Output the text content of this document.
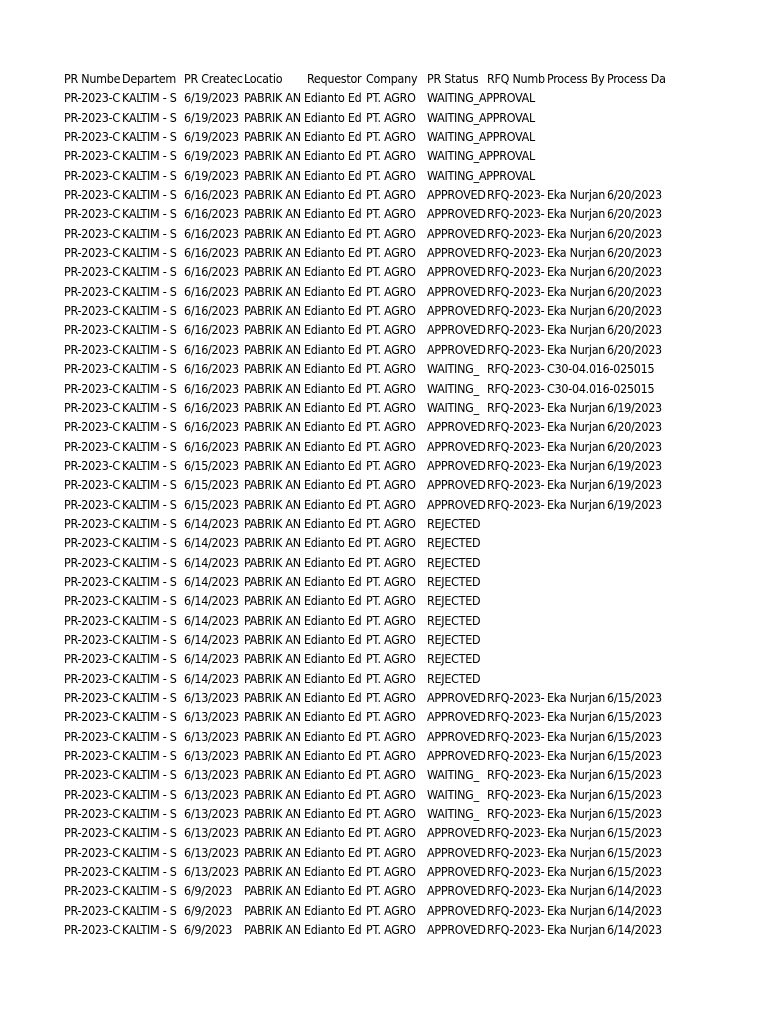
PR Numbe Departem PR Createc Locatio	Requestor Company PR Status RFQ Numb Process By Process Da
PR-2023-C KALTIM - S 6/19/2023 PABRIK AN Edianto Ed PT. AGRO WAITING_APPROVAL
PR-2023-C KALTIM - S 6/19/2023 PABRIK AN Edianto Ed PT. AGRO WAITING_APPROVAL
PR-2023-C KALTIM - S 6/19/2023 PABRIK AN Edianto Ed PT. AGRO WAITING_APPROVAL
PR-2023-C KALTIM - S 6/19/2023 PABRIK AN Edianto Ed PT. AGRO WAITING_APPROVAL
PR-2023-C KALTIM - S 6/19/2023 PABRIK AN Edianto Ed PT. AGRO WAITING_APPROVAL
PR-2023-C KALTIM - S 6/16/2023 PABRIK AN Edianto Ed PT. AGRO APPROVED RFQ-2023- Eka Nurjan 6/20/2023
PR-2023-C KALTIM - S 6/16/2023 PABRIK AN Edianto Ed PT. AGRO APPROVED RFQ-2023- Eka Nurjan 6/20/2023
PR-2023-C KALTIM - S 6/16/2023 PABRIK AN Edianto Ed PT. AGRO APPROVED RFQ-2023- Eka Nurjan 6/20/2023
PR-2023-C KALTIM - S 6/16/2023 PABRIK AN Edianto Ed PT. AGRO APPROVED RFQ-2023- Eka Nurjan 6/20/2023
PR-2023-C KALTIM - S 6/16/2023 PABRIK AN Edianto Ed PT. AGRO APPROVED RFQ-2023- Eka Nurjan 6/20/2023
PR-2023-C KALTIM - S 6/16/2023 PABRIK AN Edianto Ed PT. AGRO APPROVED RFQ-2023- Eka Nurjan 6/20/2023
PR-2023-C KALTIM - S 6/16/2023 PABRIK AN Edianto Ed PT. AGRO APPROVED RFQ-2023- Eka Nurjan 6/20/2023
PR-2023-C KALTIM - S 6/16/2023 PABRIK AN Edianto Ed PT. AGRO APPROVED RFQ-2023- Eka Nurjan 6/20/2023
PR-2023-C KALTIM - S 6/16/2023 PABRIK AN Edianto Ed PT. AGRO APPROVED RFQ-2023- Eka Nurjan 6/20/2023
PR-2023-C KALTIM - S 6/16/2023 PABRIK AN Edianto Ed PT. AGRO WAITING_ RFQ-2023- C30-04.016-025015
PR-2023-C KALTIM - S 6/16/2023 PABRIK AN Edianto Ed PT. AGRO WAITING_ RFQ-2023- C30-04.016-025015
PR-2023-C KALTIM - S 6/16/2023 PABRIK AN Edianto Ed PT. AGRO WAITING_ RFQ-2023- Eka Nurjan 6/19/2023
PR-2023-C KALTIM - S 6/16/2023 PABRIK AN Edianto Ed PT. AGRO APPROVED RFQ-2023- Eka Nurjan 6/20/2023
PR-2023-C KALTIM - S 6/16/2023 PABRIK AN Edianto Ed PT. AGRO APPROVED RFQ-2023- Eka Nurjan 6/20/2023
PR-2023-C KALTIM - S 6/15/2023 PABRIK AN Edianto Ed PT. AGRO APPROVED RFQ-2023- Eka Nurjan 6/19/2023
PR-2023-C KALTIM - S 6/15/2023 PABRIK AN Edianto Ed PT. AGRO APPROVED RFQ-2023- Eka Nurjan 6/19/2023
PR-2023-C KALTIM - S 6/15/2023 PABRIK AN Edianto Ed PT. AGRO APPROVED RFQ-2023- Eka Nurjan 6/19/2023
PR-2023-C KALTIM - S 6/14/2023 PABRIK AN Edianto Ed PT. AGRO REJECTED
PR-2023-C KALTIM - S 6/14/2023 PABRIK AN Edianto Ed PT. AGRO REJECTED
PR-2023-C KALTIM - S 6/14/2023 PABRIK AN Edianto Ed PT. AGRO REJECTED
PR-2023-C KALTIM - S 6/14/2023 PABRIK AN Edianto Ed PT. AGRO REJECTED
PR-2023-C KALTIM - S 6/14/2023 PABRIK AN Edianto Ed PT. AGRO REJECTED
PR-2023-C KALTIM - S 6/14/2023 PABRIK AN Edianto Ed PT. AGRO REJECTED
PR-2023-C KALTIM - S 6/14/2023 PABRIK AN Edianto Ed PT. AGRO REJECTED
PR-2023-C KALTIM - S 6/14/2023 PABRIK AN Edianto Ed PT. AGRO REJECTED
PR-2023-C KALTIM - S 6/14/2023 PABRIK AN Edianto Ed PT. AGRO REJECTED
PR-2023-C KALTIM - S 6/13/2023 PABRIK AN Edianto Ed PT. AGRO APPROVED RFQ-2023- Eka Nurjan 6/15/2023
PR-2023-C KALTIM - S 6/13/2023 PABRIK AN Edianto Ed PT. AGRO APPROVED RFQ-2023- Eka Nurjan 6/15/2023
PR-2023-C KALTIM - S 6/13/2023 PABRIK AN Edianto Ed PT. AGRO APPROVED RFQ-2023- Eka Nurjan 6/15/2023
PR-2023-C KALTIM - S 6/13/2023 PABRIK AN Edianto Ed PT. AGRO APPROVED RFQ-2023- Eka Nurjan 6/15/2023
PR-2023-C KALTIM - S 6/13/2023 PABRIK AN Edianto Ed PT. AGRO WAITING_ RFQ-2023- Eka Nurjan 6/15/2023
PR-2023-C KALTIM - S 6/13/2023 PABRIK AN Edianto Ed PT. AGRO WAITING_ RFQ-2023- Eka Nurjan 6/15/2023
PR-2023-C KALTIM - S 6/13/2023 PABRIK AN Edianto Ed PT. AGRO WAITING_ RFQ-2023- Eka Nurjan 6/15/2023
PR-2023-C KALTIM - S 6/13/2023 PABRIK AN Edianto Ed PT. AGRO APPROVED RFQ-2023- Eka Nurjan 6/15/2023
PR-2023-C KALTIM - S 6/13/2023 PABRIK AN Edianto Ed PT. AGRO APPROVED RFQ-2023- Eka Nurjan 6/15/2023
PR-2023-C KALTIM - S 6/13/2023 PABRIK AN Edianto Ed PT. AGRO APPROVED RFQ-2023- Eka Nurjan 6/15/2023
PR-2023-C KALTIM - S 6/9/2023 PABRIK AN Edianto Ed PT. AGRO APPROVED RFQ-2023- Eka Nurjan 6/14/2023
PR-2023-C KALTIM - S 6/9/2023 PABRIK AN Edianto Ed PT. AGRO APPROVED RFQ-2023- Eka Nurjan 6/14/2023
PR-2023-C KALTIM - S 6/9/2023 PABRIK AN Edianto Ed PT. AGRO APPROVED RFQ-2023- Eka Nurjan 6/14/2023
